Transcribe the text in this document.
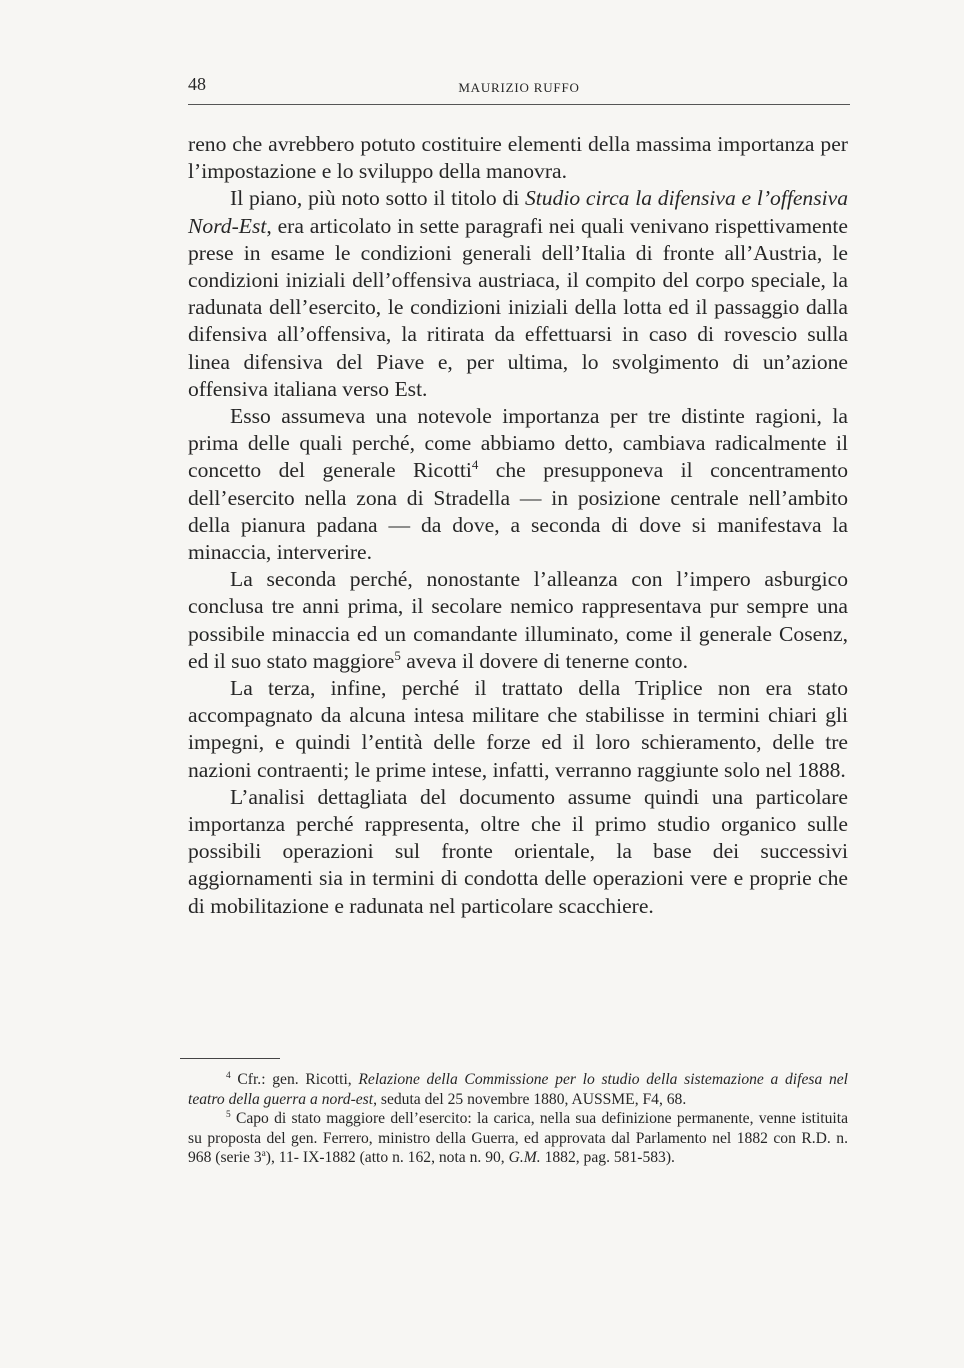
48	MAURIZIO RUFFO

reno che avrebbero potuto costituire elementi della massima importanza per l’impostazione e lo sviluppo della manovra.

Il piano, più noto sotto il titolo di Studio circa la difensiva e l’offensiva Nord-Est, era articolato in sette paragrafi nei quali venivano rispettivamente prese in esame le condizioni generali dell’Italia di fronte all’Austria, le condizioni iniziali dell’offensiva austriaca, il compito del corpo speciale, la radunata dell’esercito, le condizioni iniziali della lotta ed il passaggio dalla difensiva all’offensiva, la ritirata da effettuarsi in caso di rovescio sulla linea difensiva del Piave e, per ultima, lo svolgimento di un’azione offensiva italiana verso Est.

Esso assumeva una notevole importanza per tre distinte ragioni, la prima delle quali perché, come abbiamo detto, cambiava radicalmente il concetto del generale Ricotti$^4$ che presupponeva il concentramento dell’esercito nella zona di Stradella — in posizione centrale nell’ambito della pianura padana — da dove, a seconda di dove si manifestava la minaccia, interverire.

La seconda perché, nonostante l’alleanza con l’impero asburgico conclusa tre anni prima, il secolare nemico rappresentava pur sempre una possibile minaccia ed un comandante illuminato, come il generale Cosenz, ed il suo stato maggiore$^5$ aveva il dovere di tenerne conto.

La terza, infine, perché il trattato della Triplice non era stato accompagnato da alcuna intesa militare che stabilisse in termini chiari gli impegni, e quindi l’entità delle forze ed il loro schieramento, delle tre nazioni contraenti; le prime intese, infatti, verranno raggiunte solo nel 1888.

L’analisi dettagliata del documento assume quindi una particolare importanza perché rappresenta, oltre che il primo studio organico sulle possibili operazioni sul fronte orientale, la base dei successivi aggiornamenti sia in termini di condotta delle operazioni vere e proprie che di mobilitazione e radunata nel particolare scacchiere.

$^4$ Cfr.: gen. Ricotti, Relazione della Commissione per lo studio della sistemazione a difesa nel teatro della guerra a nord-est, seduta del 25 novembre 1880, AUSSME, F4, 68.

$^5$ Capo di stato maggiore dell’esercito: la carica, nella sua definizione permanente, venne istituita su proposta del gen. Ferrero, ministro della Guerra, ed approvata dal Parlamento nel 1882 con R.D. n. 968 (serie 3$^a$), 11- IX-1882 (atto n. 162, nota n. 90, G.M. 1882, pag. 581-583).
